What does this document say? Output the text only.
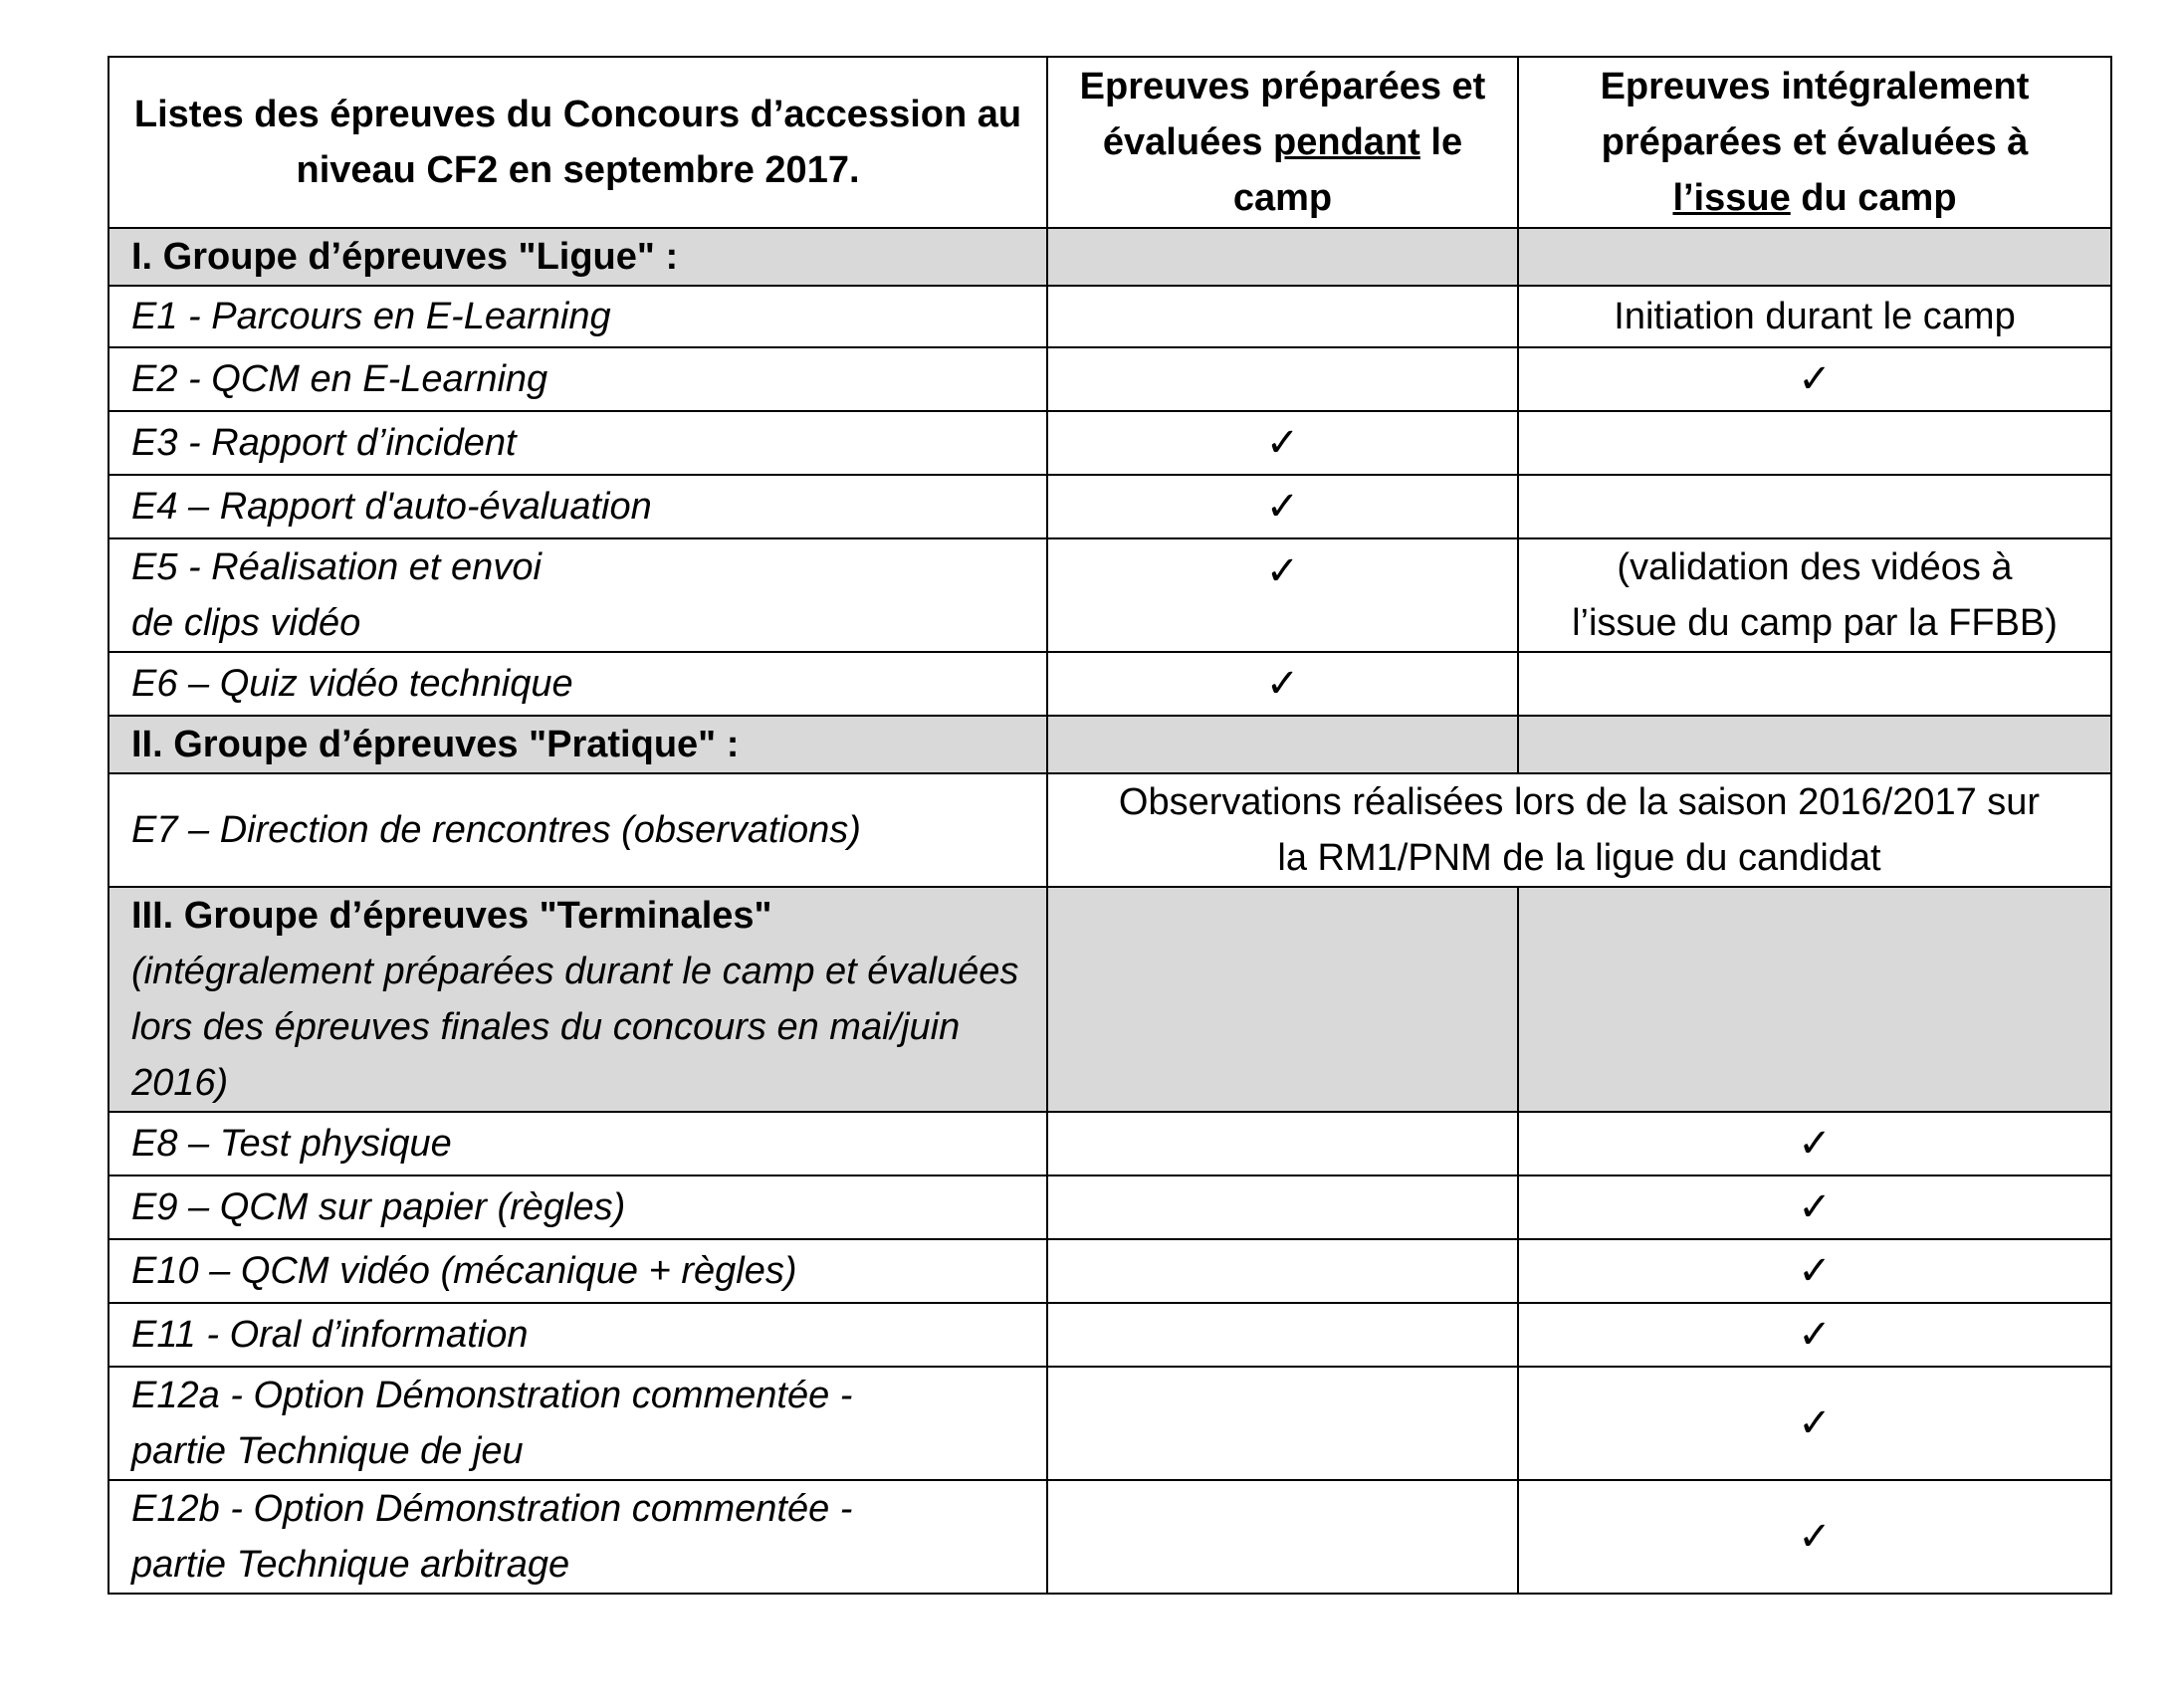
Listes des épreuves du Concours d’accession au niveau CF2 en septembre 2017.	Epreuves préparées et évaluées pendant le camp	Epreuves intégralement préparées et évaluées à l’issue du camp
I. Groupe d’épreuves "Ligue" :		
E1 - Parcours en E-Learning		Initiation durant le camp
E2 - QCM en E-Learning		✓
E3 - Rapport d’incident	✓	
E4 – Rapport d'auto-évaluation	✓	
E5 - Réalisation et envoi
de clips vidéo	✓	(validation des vidéos à
l’issue du camp par la FFBB)
E6 – Quiz vidéo technique	✓	
II. Groupe d’épreuves "Pratique" :		
E7 – Direction de rencontres (observations)	Observations réalisées lors de la saison 2016/2017 sur
la RM1/PNM de la ligue du candidat	
III. Groupe d’épreuves "Terminales"
(intégralement préparées durant le camp et évaluées lors des épreuves finales du concours en mai/juin 2016)		

E8 – Test physique		✓
E9 – QCM sur papier (règles)		✓
E10 – QCM vidéo (mécanique + règles)		✓
E11 - Oral d’information		✓
E12a - Option Démonstration commentée -
partie Technique de jeu		✓
E12b - Option Démonstration commentée -
partie Technique arbitrage		✓
